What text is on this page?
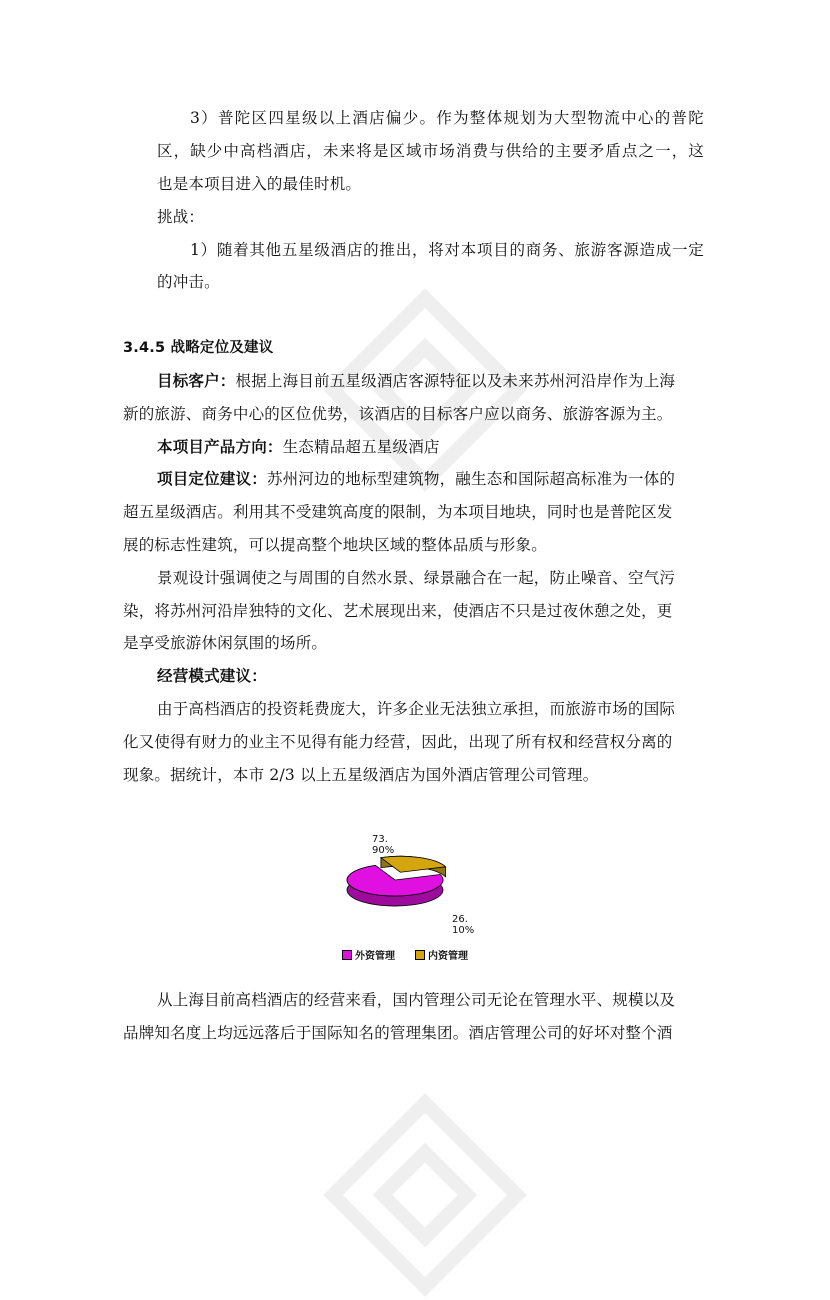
3）普陀区四星级以上酒店偏少。作为整体规划为大型物流中心的普陀
区，缺少中高档酒店，未来将是区域市场消费与供给的主要矛盾点之一，这
也是本项目进入的最佳时机。
挑战：
1）随着其他五星级酒店的推出，将对本项目的商务、旅游客源造成一定
的冲击。
3.4.5 战略定位及建议
目标客户：根据上海目前五星级酒店客源特征以及未来苏州河沿岸作为上海
新的旅游、商务中心的区位优势，该酒店的目标客户应以商务、旅游客源为主。
本项目产品方向：生态精品超五星级酒店
项目定位建议：苏州河边的地标型建筑物，融生态和国际超高标准为一体的
超五星级酒店。利用其不受建筑高度的限制，为本项目地块，同时也是普陀区发
展的标志性建筑，可以提高整个地块区域的整体品质与形象。
景观设计强调使之与周围的自然水景、绿景融合在一起，防止噪音、空气污
染，将苏州河沿岸独特的文化、艺术展现出来，使酒店不只是过夜休憩之处，更
是享受旅游休闲氛围的场所。
经营模式建议：
由于高档酒店的投资耗费庞大，许多企业无法独立承担，而旅游市场的国际
化又使得有财力的业主不见得有能力经营，因此，出现了所有权和经营权分离的
现象。据统计，本市 2/3 以上五星级酒店为国外酒店管理公司管理。
73.
90%
26.
10%
外资管理	内资管理
从上海目前高档酒店的经营来看，国内管理公司无论在管理水平、规模以及
品牌知名度上均远远落后于国际知名的管理集团。酒店管理公司的好坏对整个酒
